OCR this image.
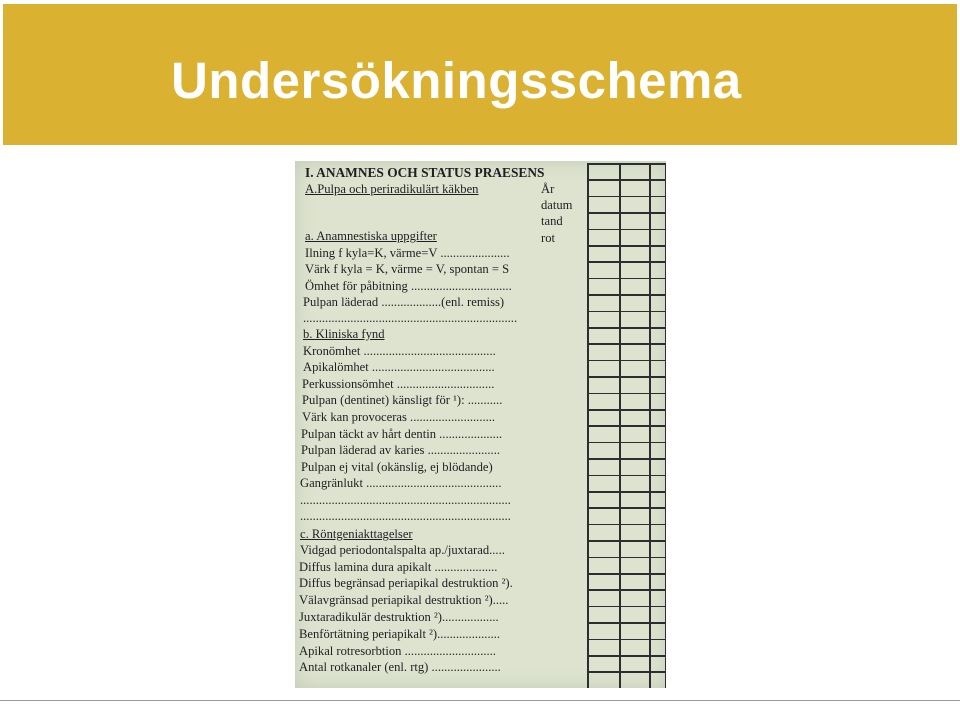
Undersökningsschema
I. ANAMNES OCH STATUS PRAESENS
A.Pulpa och periradikulärt käkben
a. Anamnestiska uppgifter
Ilning f kyla=K, värme=V ......................
Värk f kyla = K, värme = V, spontan = S
Ömhet för påbitning ................................
Pulpan läderad ...................(enl. remiss)
....................................................................
b. Kliniska fynd
Kronömhet ..........................................
Apikalömhet .......................................
Perkussionsömhet ...............................
Pulpan (dentinet) känsligt för ¹): ...........
Värk kan provoceras ...........................
Pulpan täckt av hårt dentin ....................
Pulpan läderad av karies .......................
Pulpan ej vital (okänslig, ej blödande)
Gangränlukt ...........................................
...................................................................
...................................................................
c. Röntgeniakttagelser
Vidgad periodontalspalta ap./juxtarad.....
Diffus lamina dura apikalt ....................
Diffus begränsad periapikal destruktion ²).
Välavgränsad periapikal destruktion ²).....
Juxtaradikulär destruktion ²)..................
Benförtätning periapikalt ²)....................
Apikal rotresorbtion .............................
Antal rotkanaler (enl. rtg) ......................
År
datum
tand
rot
